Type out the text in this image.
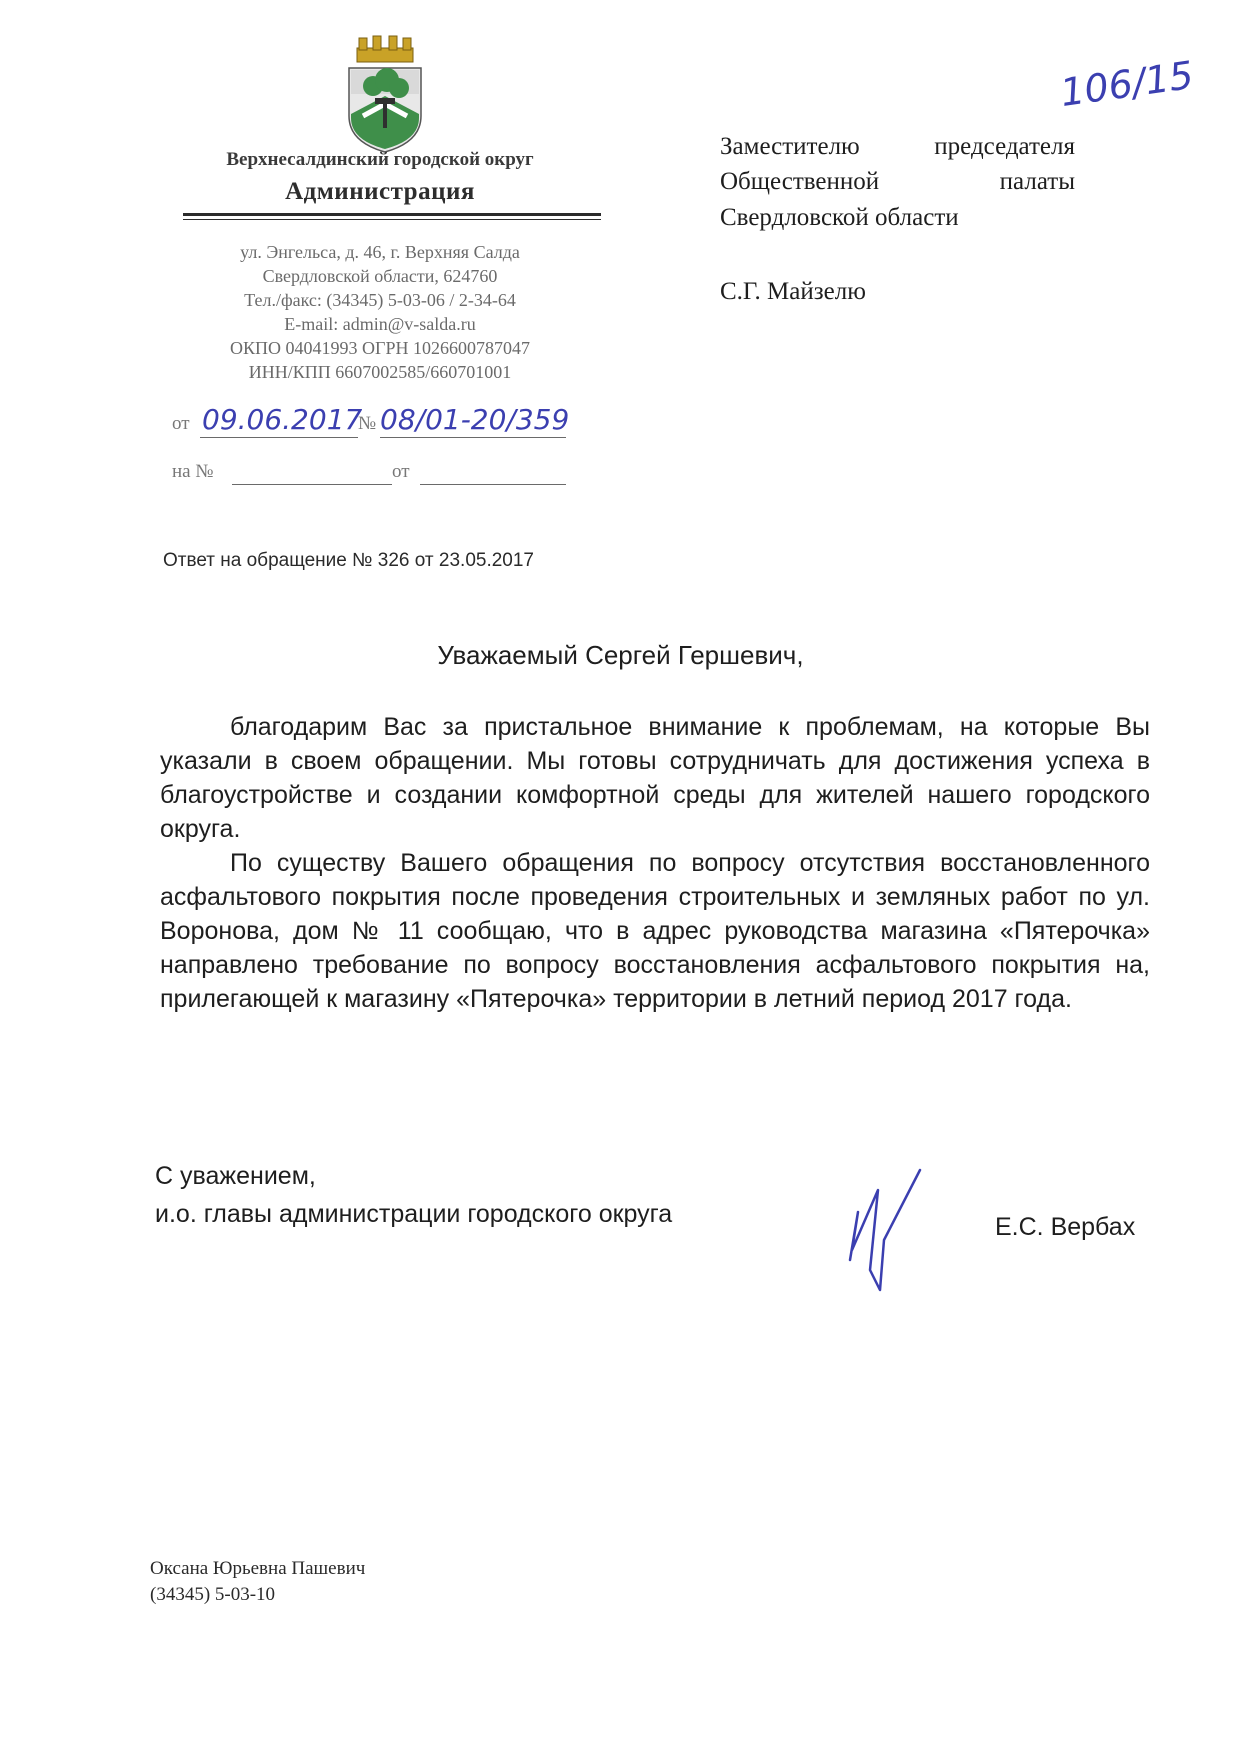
106/15
Верхнесалдинский городской округ
Администрация
ул. Энгельса, д. 46, г. Верхняя Салда
Свердловской области, 624760
Тел./факс: (34345) 5-03-06 / 2-34-64
E-mail: admin@v-salda.ru
ОКПО 04041993 ОГРН 1026600787047
ИНН/КПП 6607002585/660701001
от 09.06.2017
№ 08/01-20/359
на №	от
Ответ на обращение № 326 от 23.05.2017
Заместителю	председателя
Общественной	палаты
Свердловской области
С.Г. Майзелю
Уважаемый Сергей Гершевич,
благодарим Вас за пристальное внимание к проблемам, на которые Вы указали в своем обращении. Мы готовы сотрудничать для достижения успеха в благоустройстве и создании комфортной среды для жителей нашего городского округа.
По существу Вашего обращения по вопросу отсутствия восстановленного асфальтового покрытия после проведения строительных и земляных работ по ул. Воронова, дом № 11 сообщаю, что в адрес руководства магазина «Пятерочка» направлено требование по вопросу восстановления асфальтового покрытия на, прилегающей к магазину «Пятерочка» территории в летний период 2017 года.
С уважением,
и.о. главы администрации городского округа	Е.С. Вербах
Оксана Юрьевна Пашевич
(34345) 5-03-10
